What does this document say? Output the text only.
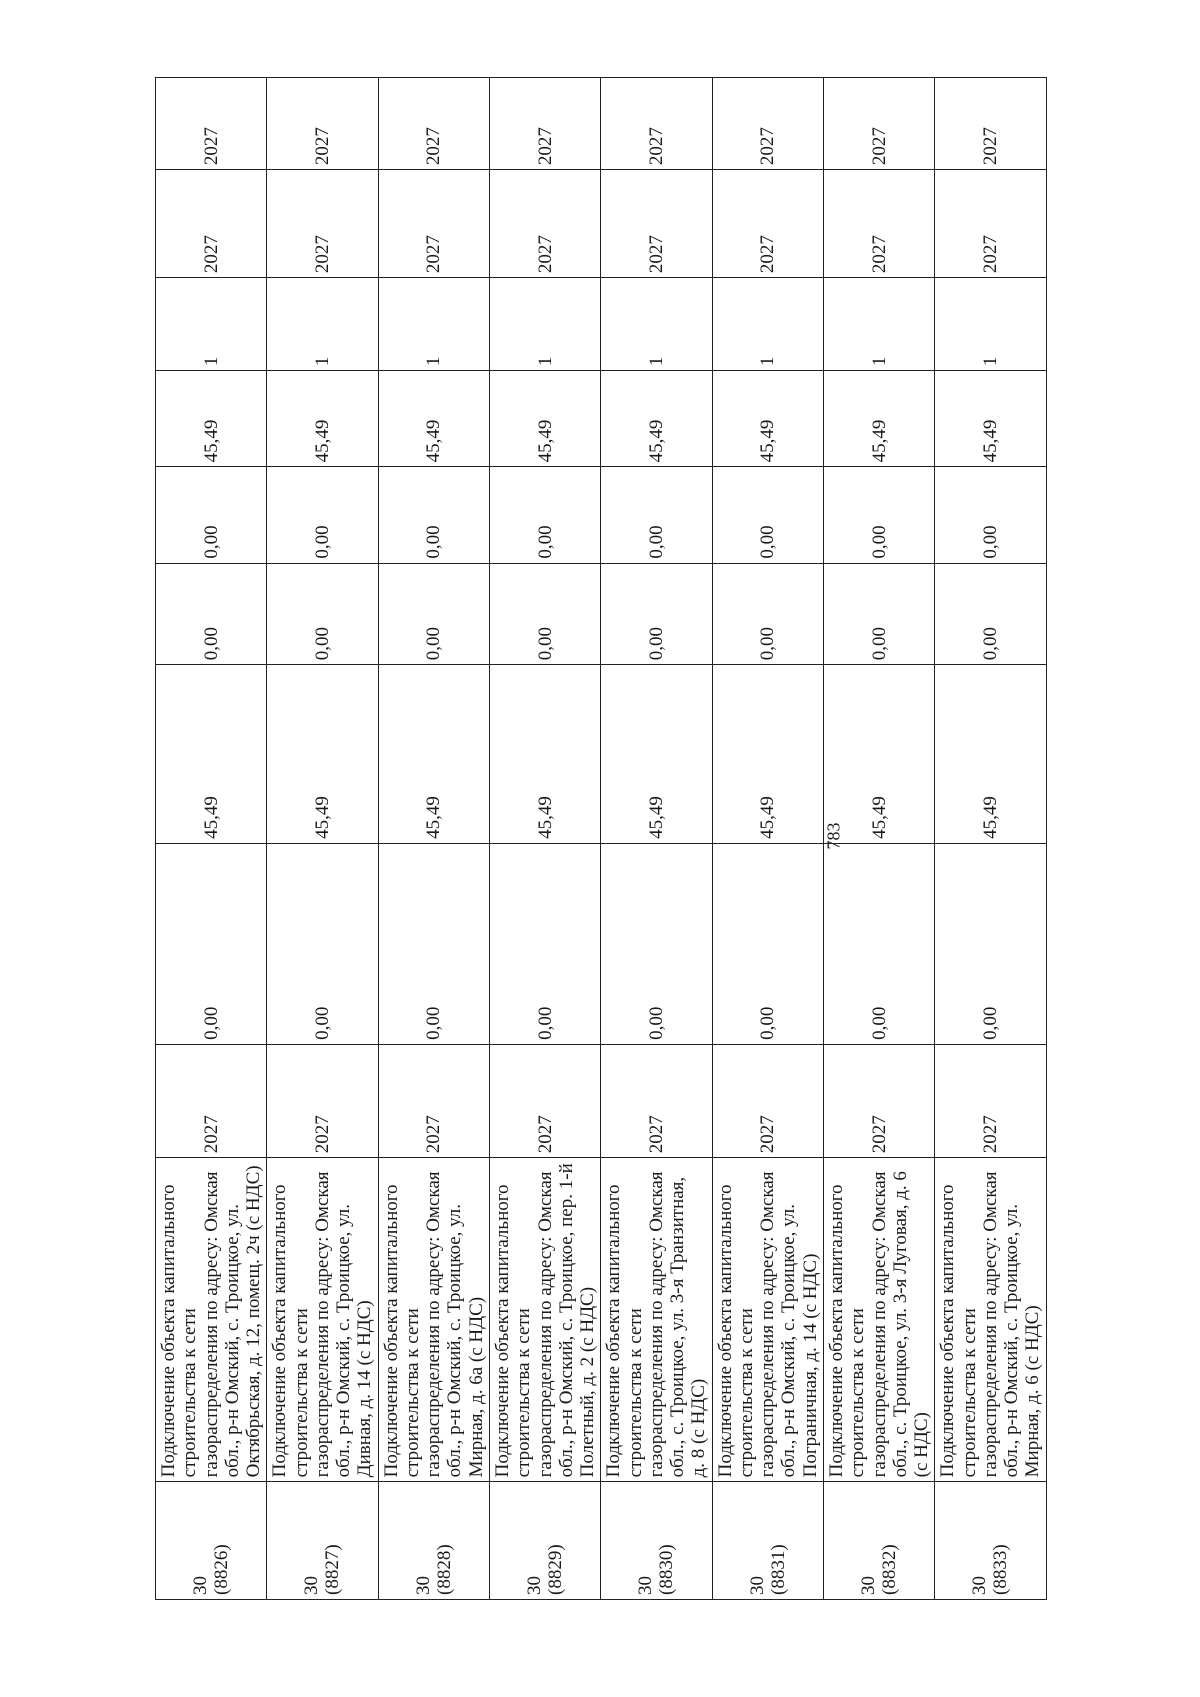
783
30 (8826)	Подключение объекта капитального строительства к сети газораспределения по адресу: Омская обл., р-н Омский, с. Троицкое, ул. Октябрьская, д. 12, помещ. 2ч (с НДС)	2027	0,00	45,49	0,00	0,00	45,49	1	2027	2027

30 (8827)	Подключение объекта капитального строительства к сети газораспределения по адресу: Омская обл., р-н Омский, с. Троицкое, ул. Дивная, д. 14 (с НДС)	2027	0,00	45,49	0,00	0,00	45,49	1	2027	2027

30 (8828)	Подключение объекта капитального строительства к сети газораспределения по адресу: Омская обл., р-н Омский, с. Троицкое, ул. Мирная, д. 6а (с НДС)	2027	0,00	45,49	0,00	0,00	45,49	1	2027	2027

30 (8829)	Подключение объекта капитального строительства к сети газораспределения по адресу: Омская обл., р-н Омский, с. Троицкое, пер. 1-й Полетный, д. 2 (с НДС)	2027	0,00	45,49	0,00	0,00	45,49	1	2027	2027

30 (8830)	Подключение объекта капитального строительства к сети газораспределения по адресу: Омская обл., с. Троицкое, ул. 3-я Транзитная, д. 8 (с НДС)	2027	0,00	45,49	0,00	0,00	45,49	1	2027	2027

30 (8831)	Подключение объекта капитального строительства к сети газораспределения по адресу: Омская обл., р-н Омский, с. Троицкое, ул. Пограничная, д. 14 (с НДС)	2027	0,00	45,49	0,00	0,00	45,49	1	2027	2027

30 (8832)	Подключение объекта капитального строительства к сети газораспределения по адресу: Омская обл., с. Троицкое, ул. 3-я Луговая, д. 6 (с НДС)	2027	0,00	45,49	0,00	0,00	45,49	1	2027	2027

30 (8833)	Подключение объекта капитального строительства к сети газораспределения по адресу: Омская обл., р-н Омский, с. Троицкое, ул. Мирная, д. 6 (с НДС)	2027	0,00	45,49	0,00	0,00	45,49	1	2027	2027
